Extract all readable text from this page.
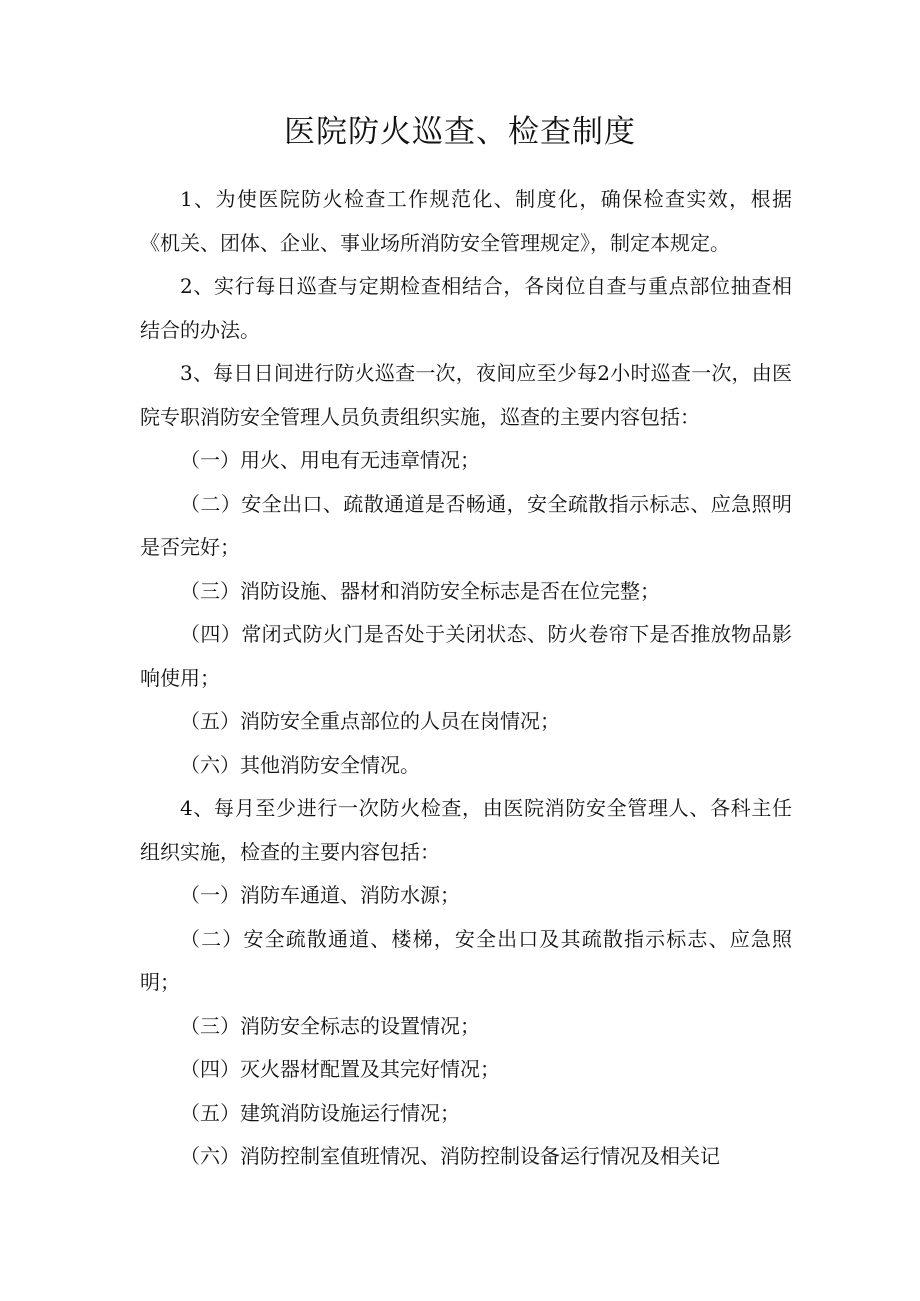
医院防火巡查、检查制度

1、为使医院防火检查工作规范化、制度化，确保检查实效，根据《机关、团体、企业、事业场所消防安全管理规定》，制定本规定。

2、实行每日巡查与定期检查相结合，各岗位自查与重点部位抽查相结合的办法。

3、每日日间进行防火巡查一次，夜间应至少每2小时巡查一次，由医院专职消防安全管理人员负责组织实施，巡查的主要内容包括：

（一）用火、用电有无违章情况；

（二）安全出口、疏散通道是否畅通，安全疏散指示标志、应急照明是否完好；

（三）消防设施、器材和消防安全标志是否在位完整；

（四）常闭式防火门是否处于关闭状态、防火卷帘下是否推放物品影响使用；

（五）消防安全重点部位的人员在岗情况；

（六）其他消防安全情况。

4、每月至少进行一次防火检查，由医院消防安全管理人、各科主任组织实施，检查的主要内容包括：

（一）消防车通道、消防水源；

（二）安全疏散通道、楼梯，安全出口及其疏散指示标志、应急照明；

（三）消防安全标志的设置情况；

（四）灭火器材配置及其完好情况；

（五）建筑消防设施运行情况；

（六）消防控制室值班情况、消防控制设备运行情况及相关记
